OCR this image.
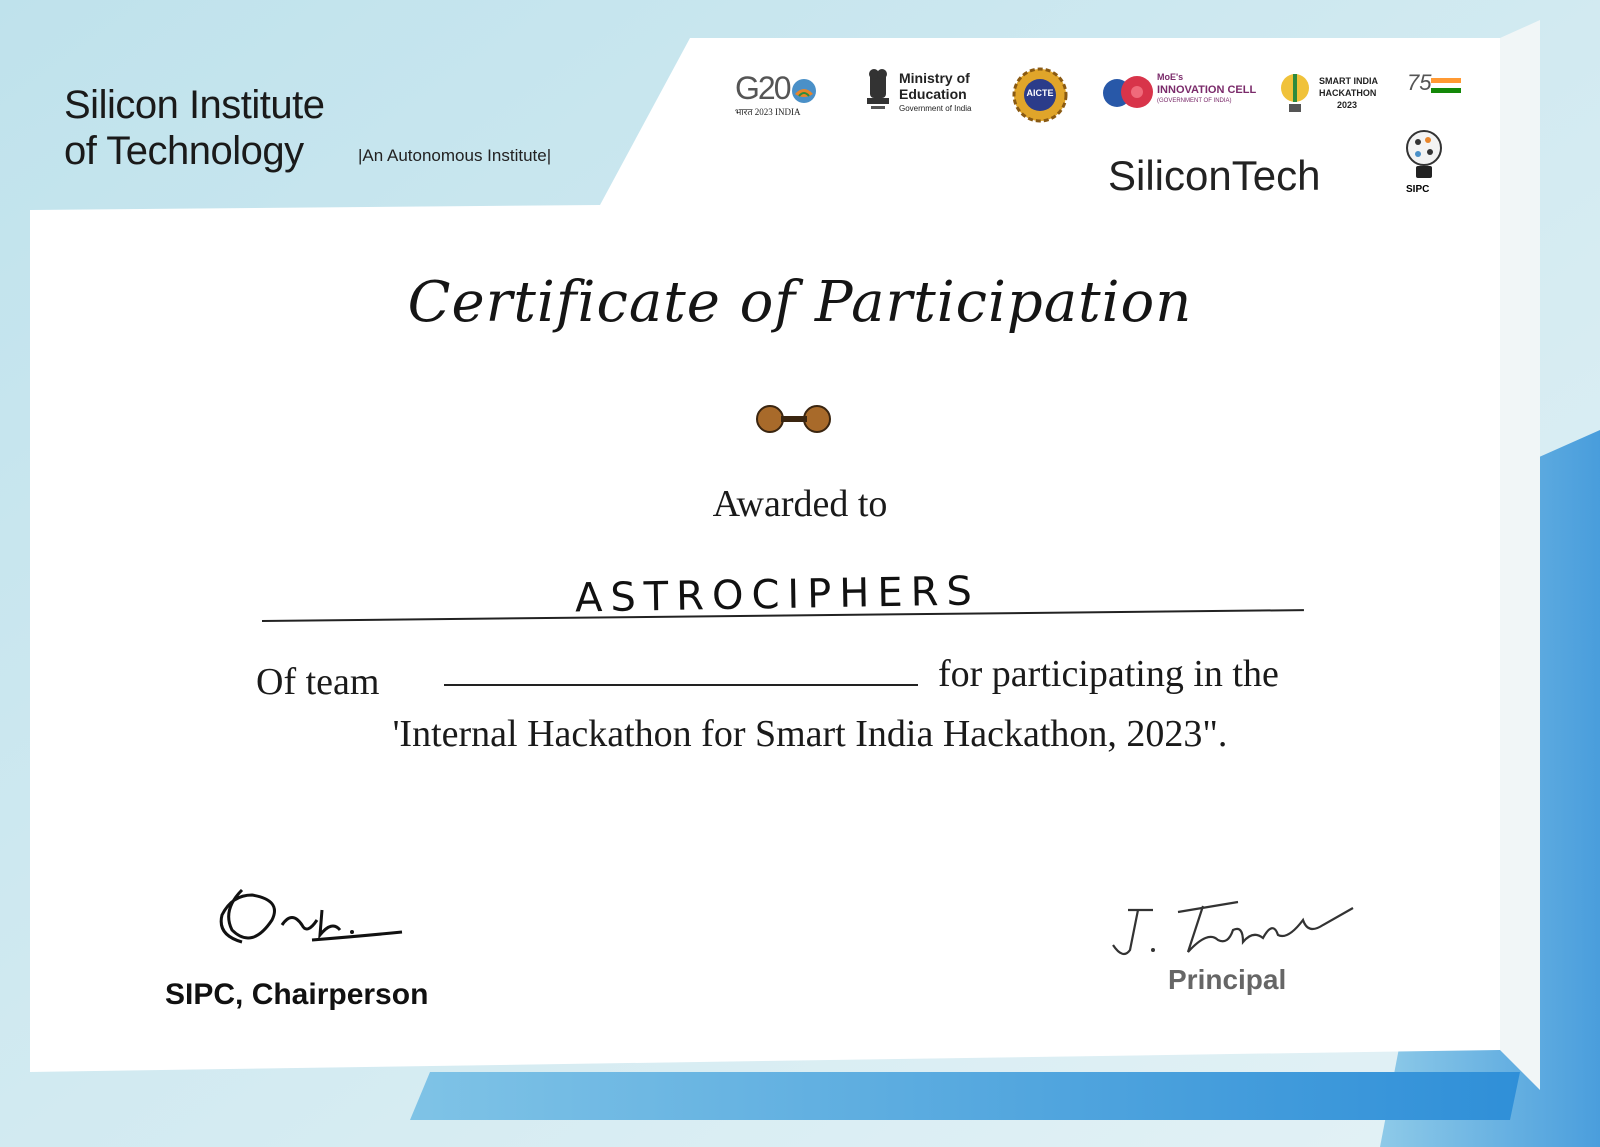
Silicon Institute
of Technology	|An Autonomous Institute|
G20
भारत 2023 INDIA
Ministry of
Education
Government of India
AICTE
MoE's
INNOVATION CELL
(GOVERNMENT OF INDIA)
SMART INDIA
HACKATHON
2023
75
SiliconTech	SIPC
Certificate of Participation
Awarded to
ASTROCIPHERS
Of team	for participating in the
'Internal Hackathon for Smart India Hackathon, 2023".
SIPC, Chairperson	Principal
